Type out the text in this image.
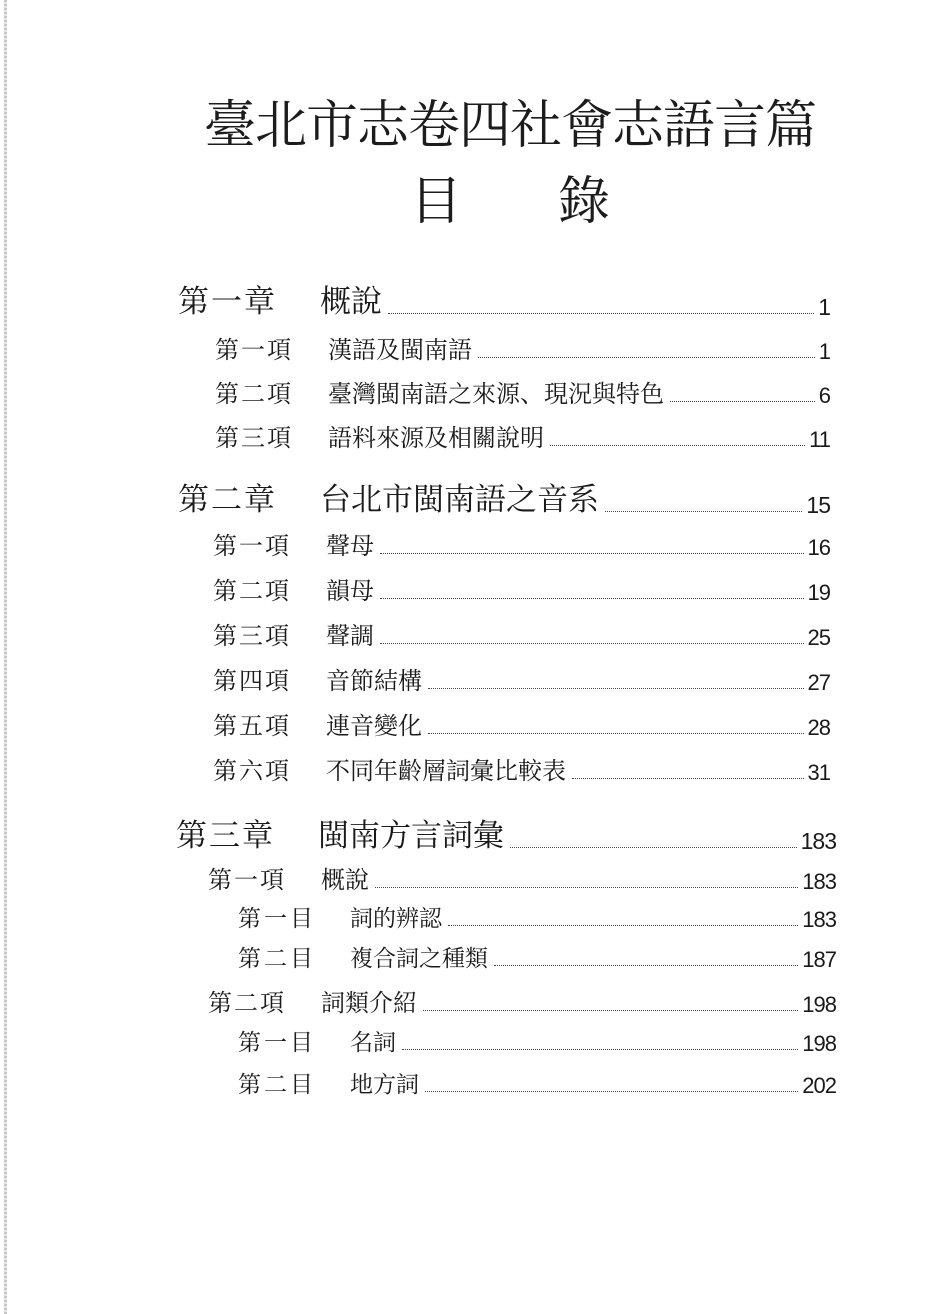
臺北市志卷四社會志語言篇
目 錄
第一章	概說	1
第一項	漢語及閩南語	1
第二項	臺灣閩南語之來源、現況與特色	6
第三項	語料來源及相關說明	11
第二章	台北市閩南語之音系	15
第一項	聲母	16
第二項	韻母	19
第三項	聲調	25
第四項	音節結構	27
第五項	連音變化	28
第六項	不同年齡層詞彙比較表	31
第三章	閩南方言詞彙	183
第一項	概說	183
第一目	詞的辨認	183
第二目	複合詞之種類	187
第二項	詞類介紹	198
第一目	名詞	198
第二目	地方詞	202
